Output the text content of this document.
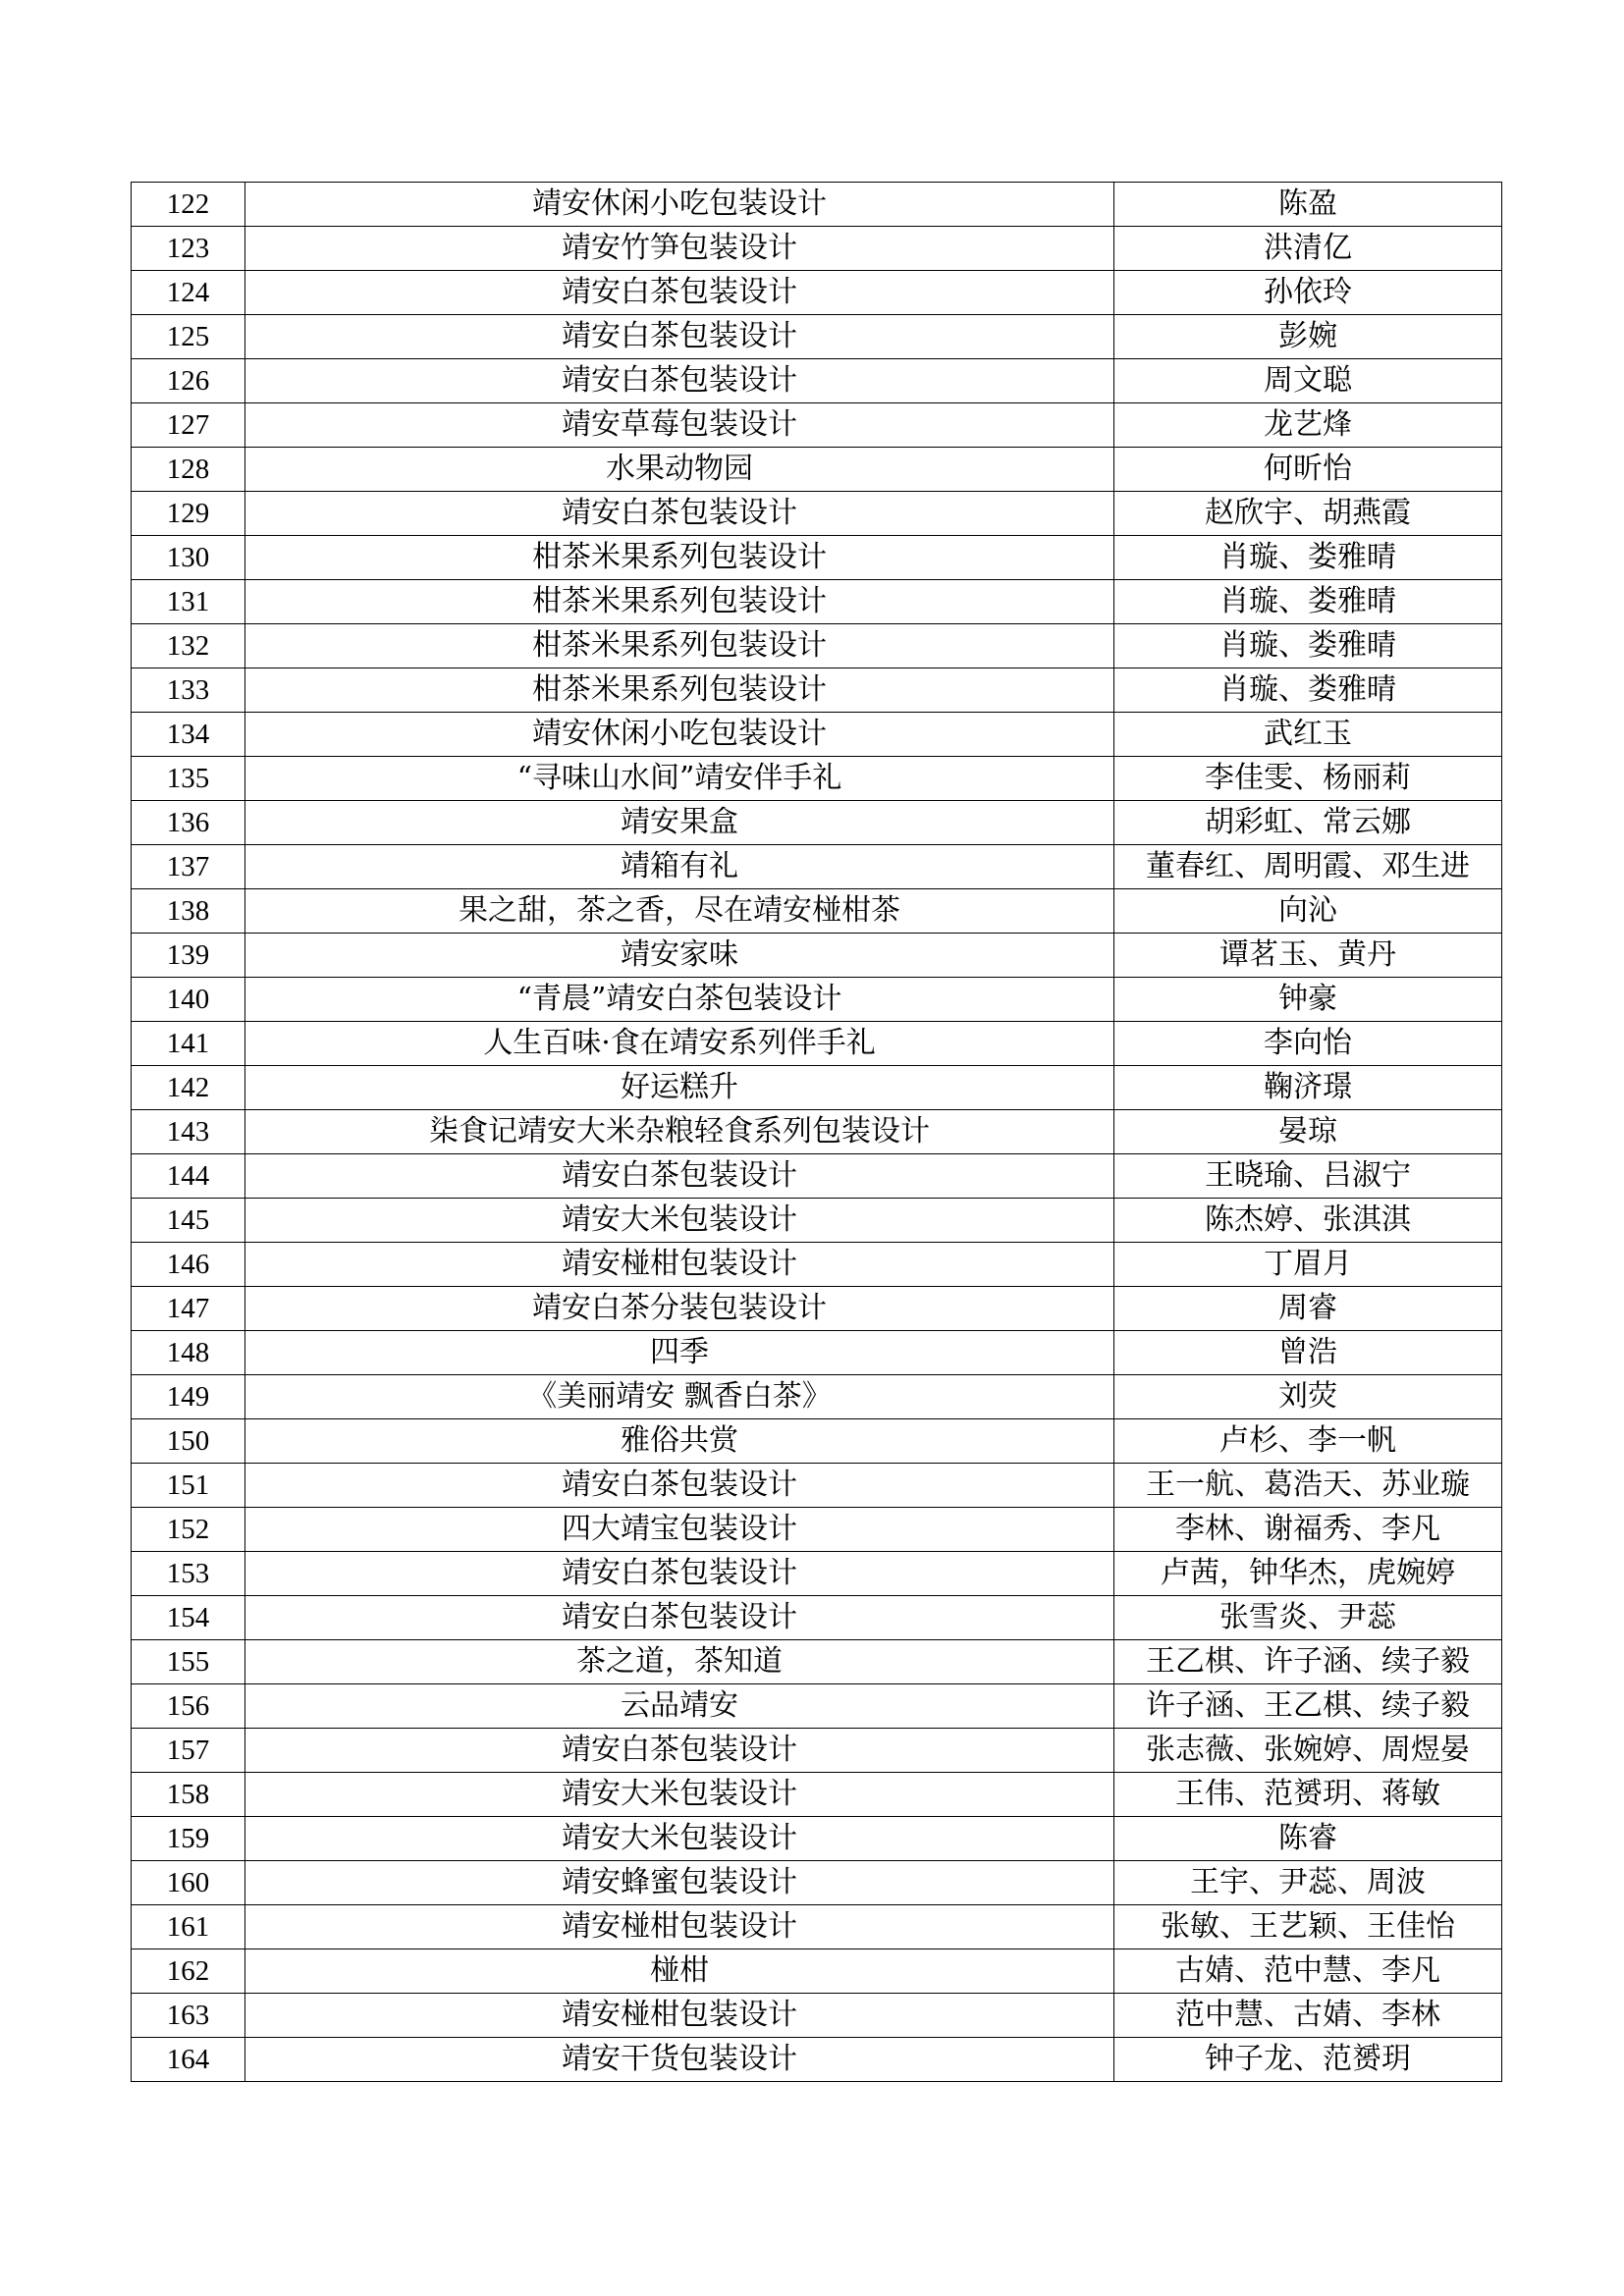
122	靖安休闲小吃包装设计	陈盈
123	靖安竹笋包装设计	洪清亿
124	靖安白茶包装设计	孙依玲
125	靖安白茶包装设计	彭婉
126	靖安白茶包装设计	周文聪
127	靖安草莓包装设计	龙艺烽
128	水果动物园	何昕怡
129	靖安白茶包装设计	赵欣宇、胡燕霞
130	柑茶米果系列包装设计	肖璇、娄雅晴
131	柑茶米果系列包装设计	肖璇、娄雅晴
132	柑茶米果系列包装设计	肖璇、娄雅晴
133	柑茶米果系列包装设计	肖璇、娄雅晴
134	靖安休闲小吃包装设计	武红玉
135	“寻味山水间”靖安伴手礼	李佳雯、杨丽莉
136	靖安果盒	胡彩虹、常云娜
137	靖箱有礼	董春红、周明霞、邓生进
138	果之甜，茶之香，尽在靖安椪柑茶	向沁
139	靖安家味	谭茗玉、黄丹
140	“青晨”靖安白茶包装设计	钟豪
141	人生百味·食在靖安系列伴手礼	李向怡
142	好运糕升	鞠济璟
143	柒食记靖安大米杂粮轻食系列包装设计	晏琼
144	靖安白茶包装设计	王晓瑜、吕淑宁
145	靖安大米包装设计	陈杰婷、张淇淇
146	靖安椪柑包装设计	丁眉月
147	靖安白茶分装包装设计	周睿
148	四季	曾浩
149	《美丽靖安 飘香白茶》	刘荧
150	雅俗共赏	卢杉、李一帆
151	靖安白茶包装设计	王一航、葛浩天、苏业璇
152	四大靖宝包装设计	李林、谢福秀、李凡
153	靖安白茶包装设计	卢茜，钟华杰，虎婉婷
154	靖安白茶包装设计	张雪炎、尹蕊
155	茶之道，茶知道	王乙棋、许子涵、续子毅
156	云品靖安	许子涵、王乙棋、续子毅
157	靖安白茶包装设计	张志薇、张婉婷、周煜晏
158	靖安大米包装设计	王伟、范赟玥、蒋敏
159	靖安大米包装设计	陈睿
160	靖安蜂蜜包装设计	王宇、尹蕊、周波
161	靖安椪柑包装设计	张敏、王艺颖、王佳怡
162	椪柑	古婧、范中慧、李凡
163	靖安椪柑包装设计	范中慧、古婧、李林
164	靖安干货包装设计	钟子龙、范赟玥
